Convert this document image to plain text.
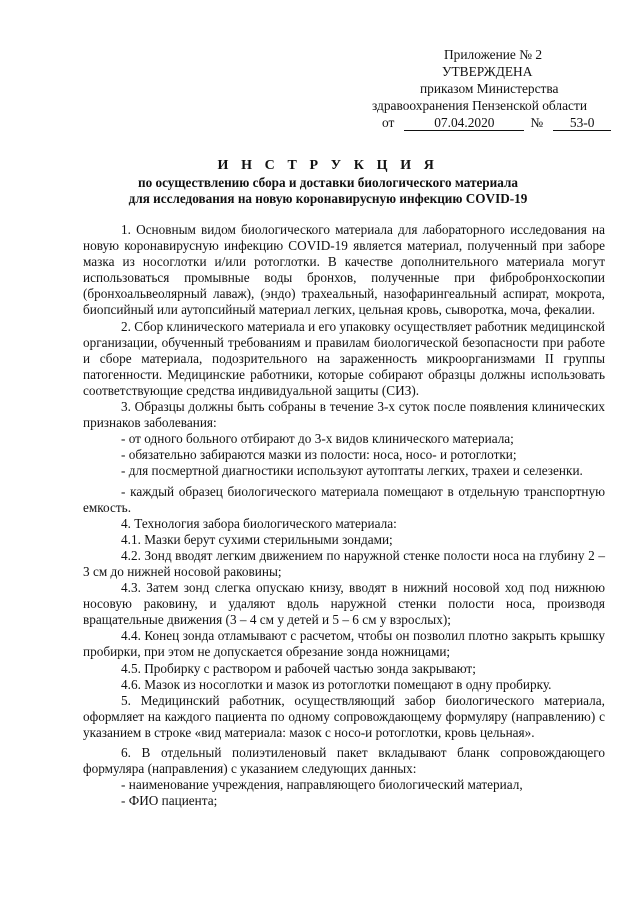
Приложение № 2
УТВЕРЖДЕНА
приказом Министерства
здравоохранения Пензенской области
от	07.04.2020	№	53-0
И Н С Т Р У К Ц И Я
по осуществлению сбора и доставки биологического материала
для исследования на новую коронавирусную инфекцию COVID-19

1. Основным видом биологического материала для лабораторного исследования на новую коронавирусную инфекцию COVID-19 является материал, полученный при заборе мазка из носоглотки и/или ротоглотки. В качестве дополнительного материала могут использоваться промывные воды бронхов, полученные при фибробронхоскопии (бронхоальвеолярный лаваж), (эндо) трахеальный, назофарингеальный аспират, мокрота, биопсийный или аутопсийный материал легких, цельная кровь, сыворотка, моча, фекалии.

2. Сбор клинического материала и его упаковку осуществляет работник медицинской организации, обученный требованиям и правилам биологической безопасности при работе и сборе материала, подозрительного на зараженность микроорганизмами II группы патогенности. Медицинские работники, которые собирают образцы должны использовать соответствующие средства индивидуальной защиты (СИЗ).

3. Образцы должны быть собраны в течение 3-х суток после появления клинических признаков заболевания:

- от одного больного отбирают до 3-х видов клинического материала;

- обязательно забираются мазки из полости: носа, носо- и ротоглотки;

- для посмертной диагностики используют аутоптаты легких, трахеи и селезенки.

- каждый образец биологического материала помещают в отдельную транспортную емкость.

4. Технология забора биологического материала:

4.1. Мазки берут сухими стерильными зондами;

4.2. Зонд вводят легким движением по наружной стенке полости носа на глубину 2 – 3 см до нижней носовой раковины;

4.3. Затем зонд слегка опускаю книзу, вводят в нижний носовой ход под нижнюю носовую раковину, и удаляют вдоль наружной стенки полости носа, производя вращательные движения (3 – 4 см у детей и 5 – 6 см у взрослых);

4.4. Конец зонда отламывают с расчетом, чтобы он позволил плотно закрыть крышку пробирки, при этом не допускается обрезание зонда ножницами;

4.5. Пробирку с раствором и рабочей частью зонда закрывают;

4.6. Мазок из носоглотки и мазок из ротоглотки помещают в одну пробирку.

5. Медицинский работник, осуществляющий забор биологического материала, оформляет на каждого пациента по одному сопровождающему формуляру (направлению) с указанием в строке «вид материала: мазок с носо-и ротоглотки, кровь цельная».

6. В отдельный полиэтиленовый пакет вкладывают бланк сопровождающего формуляра (направления) с указанием следующих данных:

- наименование учреждения, направляющего биологический материал,

- ФИО пациента;
